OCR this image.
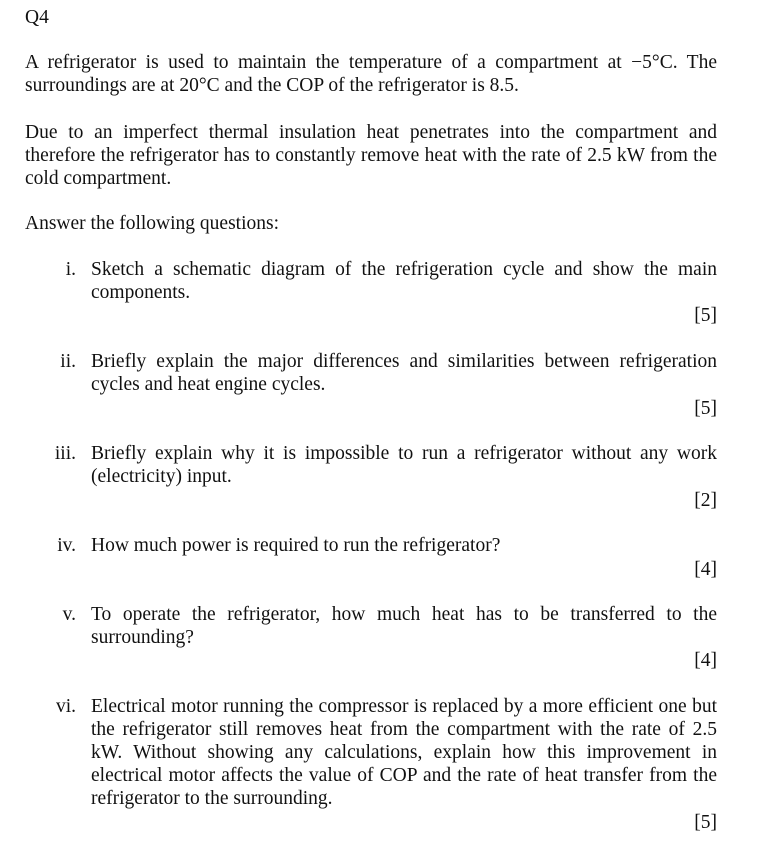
Q4
A refrigerator is used to maintain the temperature of a compartment at −5°C. The surroundings are at 20°C and the COP of the refrigerator is 8.5.
Due to an imperfect thermal insulation heat penetrates into the compartment and therefore the refrigerator has to constantly remove heat with the rate of 2.5 kW from the cold compartment.
Answer the following questions:
i. Sketch a schematic diagram of the refrigeration cycle and show the main components.
[5]
ii. Briefly explain the major differences and similarities between refrigeration cycles and heat engine cycles.
[5]
iii. Briefly explain why it is impossible to run a refrigerator without any work (electricity) input.
[2]
iv. How much power is required to run the refrigerator?
[4]
v. To operate the refrigerator, how much heat has to be transferred to the surrounding?
[4]
vi. Electrical motor running the compressor is replaced by a more efficient one but the refrigerator still removes heat from the compartment with the rate of 2.5 kW. Without showing any calculations, explain how this improvement in electrical motor affects the value of COP and the rate of heat transfer from the refrigerator to the surrounding.
[5]
